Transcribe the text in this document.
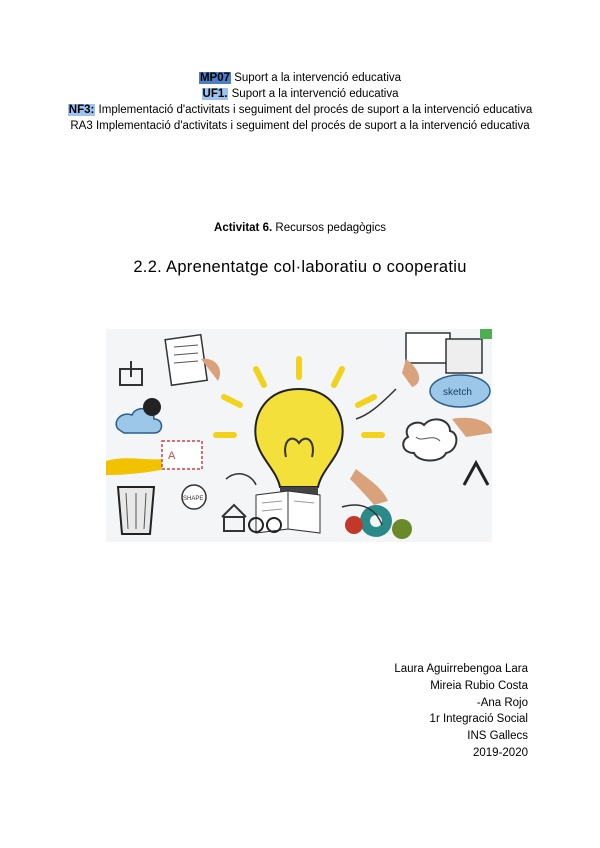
MP07 Suport a la intervenció educativa
UF1. Suport a la intervenció educativa
NF3: Implementació d'activitats i seguiment del procés de suport a la intervenció educativa
RA3 Implementació d'activitats i seguiment del procés de suport a la intervenció educativa
Activitat 6. Recursos pedagògics
2.2. Aprenentatge col·laboratiu o cooperatiu
A
SHAPE
sketch
Laura Aguirrebengoa Lara
Mireia Rubio Costa
-Ana Rojo
1r Integració Social
INS Gallecs
2019-2020
